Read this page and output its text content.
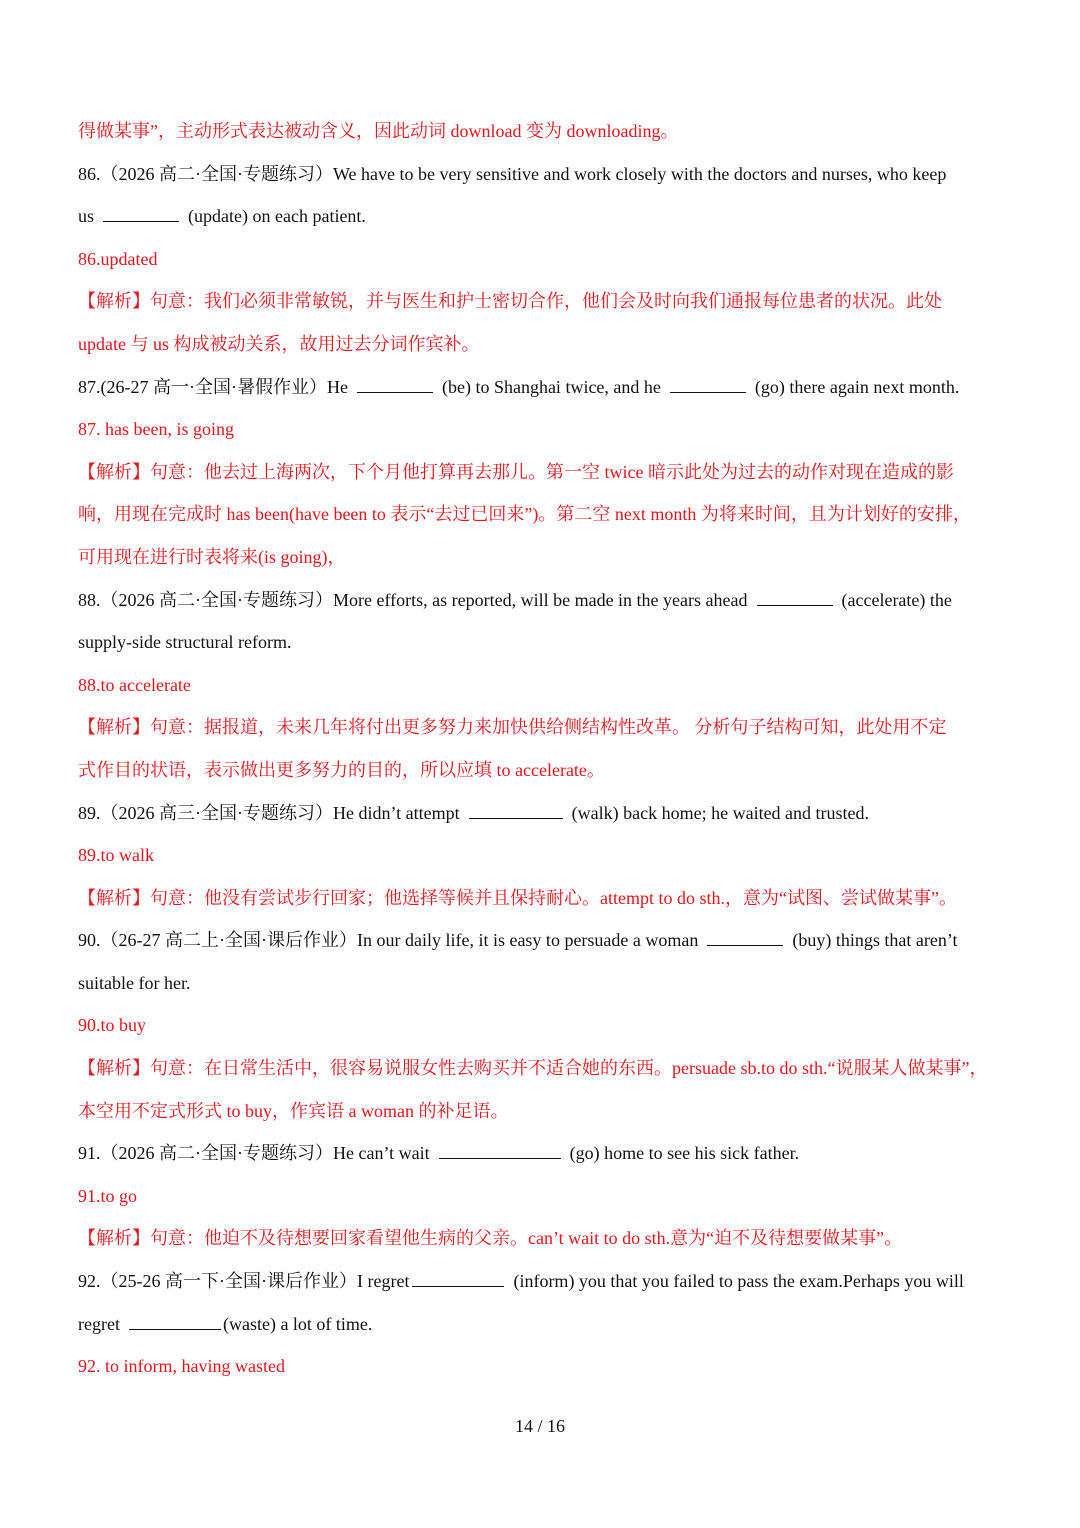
得做某事”，主动形式表达被动含义，因此动词 download 变为 downloading。
86.（2026 高二·全国·专题练习）We have to be very sensitive and work closely with the doctors and nurses, who keep
us	(update) on each patient.
86.updated
【解析】句意：我们必须非常敏锐，并与医生和护士密切合作，他们会及时向我们通报每位患者的状况。此处
update 与 us 构成被动关系，故用过去分词作宾补。
87.(26-27 高一·全国·暑假作业）He	(be) to Shanghai twice, and he	(go) there again next month.
87. has been, is going
【解析】句意：他去过上海两次，下个月他打算再去那儿。第一空 twice 暗示此处为过去的动作对现在造成的影
响，用现在完成时 has been(have been to 表示“去过已回来”)。第二空 next month 为将来时间，且为计划好的安排，
可用现在进行时表将来(is going)，
88.（2026 高二·全国·专题练习）More efforts, as reported, will be made in the years ahead	(accelerate) the
supply-side structural reform.
88.to accelerate
【解析】句意：据报道，未来几年将付出更多努力来加快供给侧结构性改革。 分析句子结构可知，此处用不定
式作目的状语，表示做出更多努力的目的，所以应填 to accelerate。
89.（2026 高三·全国·专题练习）He didn’t attempt	(walk) back home; he waited and trusted.
89.to walk
【解析】句意：他没有尝试步行回家；他选择等候并且保持耐心。attempt to do sth.，意为“试图、尝试做某事”。
90.（26-27 高二上·全国·课后作业）In our daily life, it is easy to persuade a woman	(buy) things that aren’t
suitable for her.
90.to buy
【解析】句意：在日常生活中，很容易说服女性去购买并不适合她的东西。persuade sb.to do sth.“说服某人做某事”，
本空用不定式形式 to buy，作宾语 a woman 的补足语。
91.（2026 高二·全国·专题练习）He can’t wait	(go) home to see his sick father.
91.to go
【解析】句意：他迫不及待想要回家看望他生病的父亲。can’t wait to do sth.意为“迫不及待想要做某事”。
92.（25-26 高一下·全国·课后作业）I regret	(inform) you that you failed to pass the exam.Perhaps you will
regret	(waste) a lot of time.
92. to inform, having wasted
14 / 16
